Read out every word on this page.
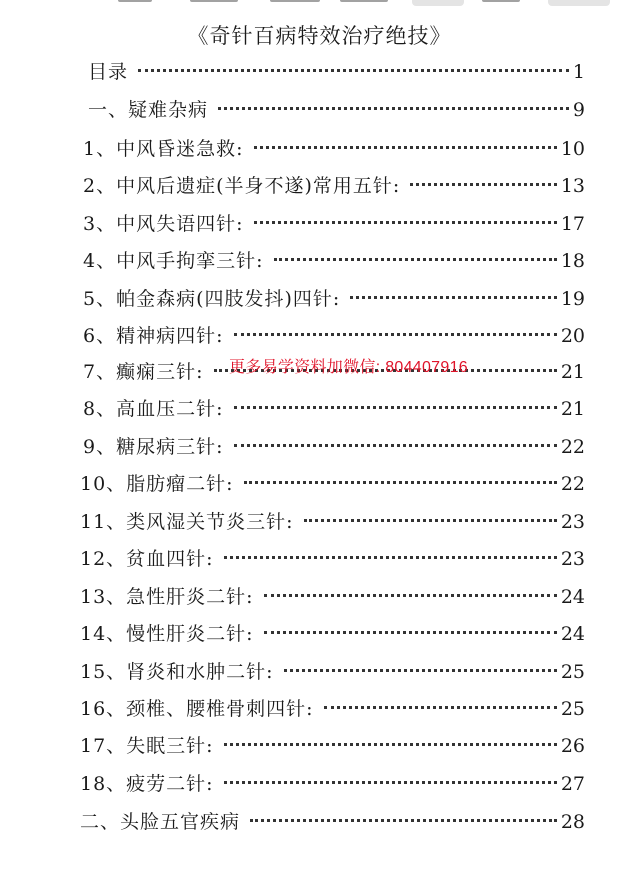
《奇针百病特效治疗绝技》
目录	1
一、疑难杂病	9
1、中风昏迷急救:	10
2、中风后遗症(半身不遂)常用五针:	13
3、中风失语四针:	17
4、中风手拘挛三针:	18
5、帕金森病(四肢发抖)四针:	19
6、精神病四针:	20
7、癫痫三针:	21
8、高血压二针:	21
9、糖尿病三针:	22
10、脂肪瘤二针:	22
11、类风湿关节炎三针:	23
12、贫血四针:	23
13、急性肝炎二针:	24
14、慢性肝炎二针:	24
15、肾炎和水肿二针:	25
16、颈椎、腰椎骨刺四针:	25
17、失眠三针:	26
18、疲劳二针:	27
二、头脸五官疾病	28
更多易学资料加微信: 804407916
